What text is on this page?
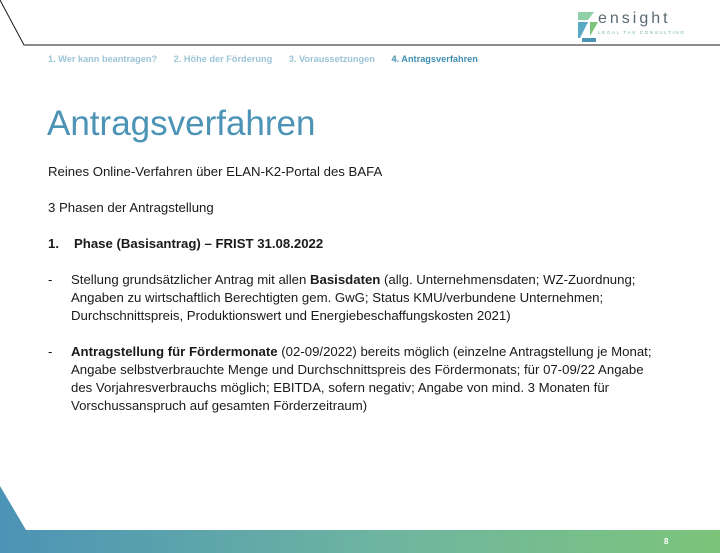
ensight
LEGAL TAX CONSULTING
1. Wer kann beantragen? 2. Höhe der Förderung 3. Voraussetzungen 4. Antragsverfahren
Antragsverfahren

Reines Online-Verfahren über ELAN-K2-Portal des BAFA

3 Phasen der Antragstellung

1.	Phase (Basisantrag) – FRIST 31.08.2022
-	Stellung grundsätzlicher Antrag mit allen Basisdaten (allg. Unternehmensdaten; WZ-Zuordnung; Angaben zu wirtschaftlich Berechtigten gem. GwG; Status KMU/verbundene Unternehmen; Durchschnittspreis, Produktionswert und Energiebeschaffungskosten 2021)
-	Antragstellung für Fördermonate (02-09/2022) bereits möglich (einzelne Antragstellung je Monat; Angabe selbstverbrauchte Menge und Durchschnittspreis des Fördermonats; für 07-09/22 Angabe des Vorjahresverbrauchs möglich; EBITDA, sofern negativ; Angabe von mind. 3 Monaten für Vorschussanspruch auf gesamten Förderzeitraum)
8
